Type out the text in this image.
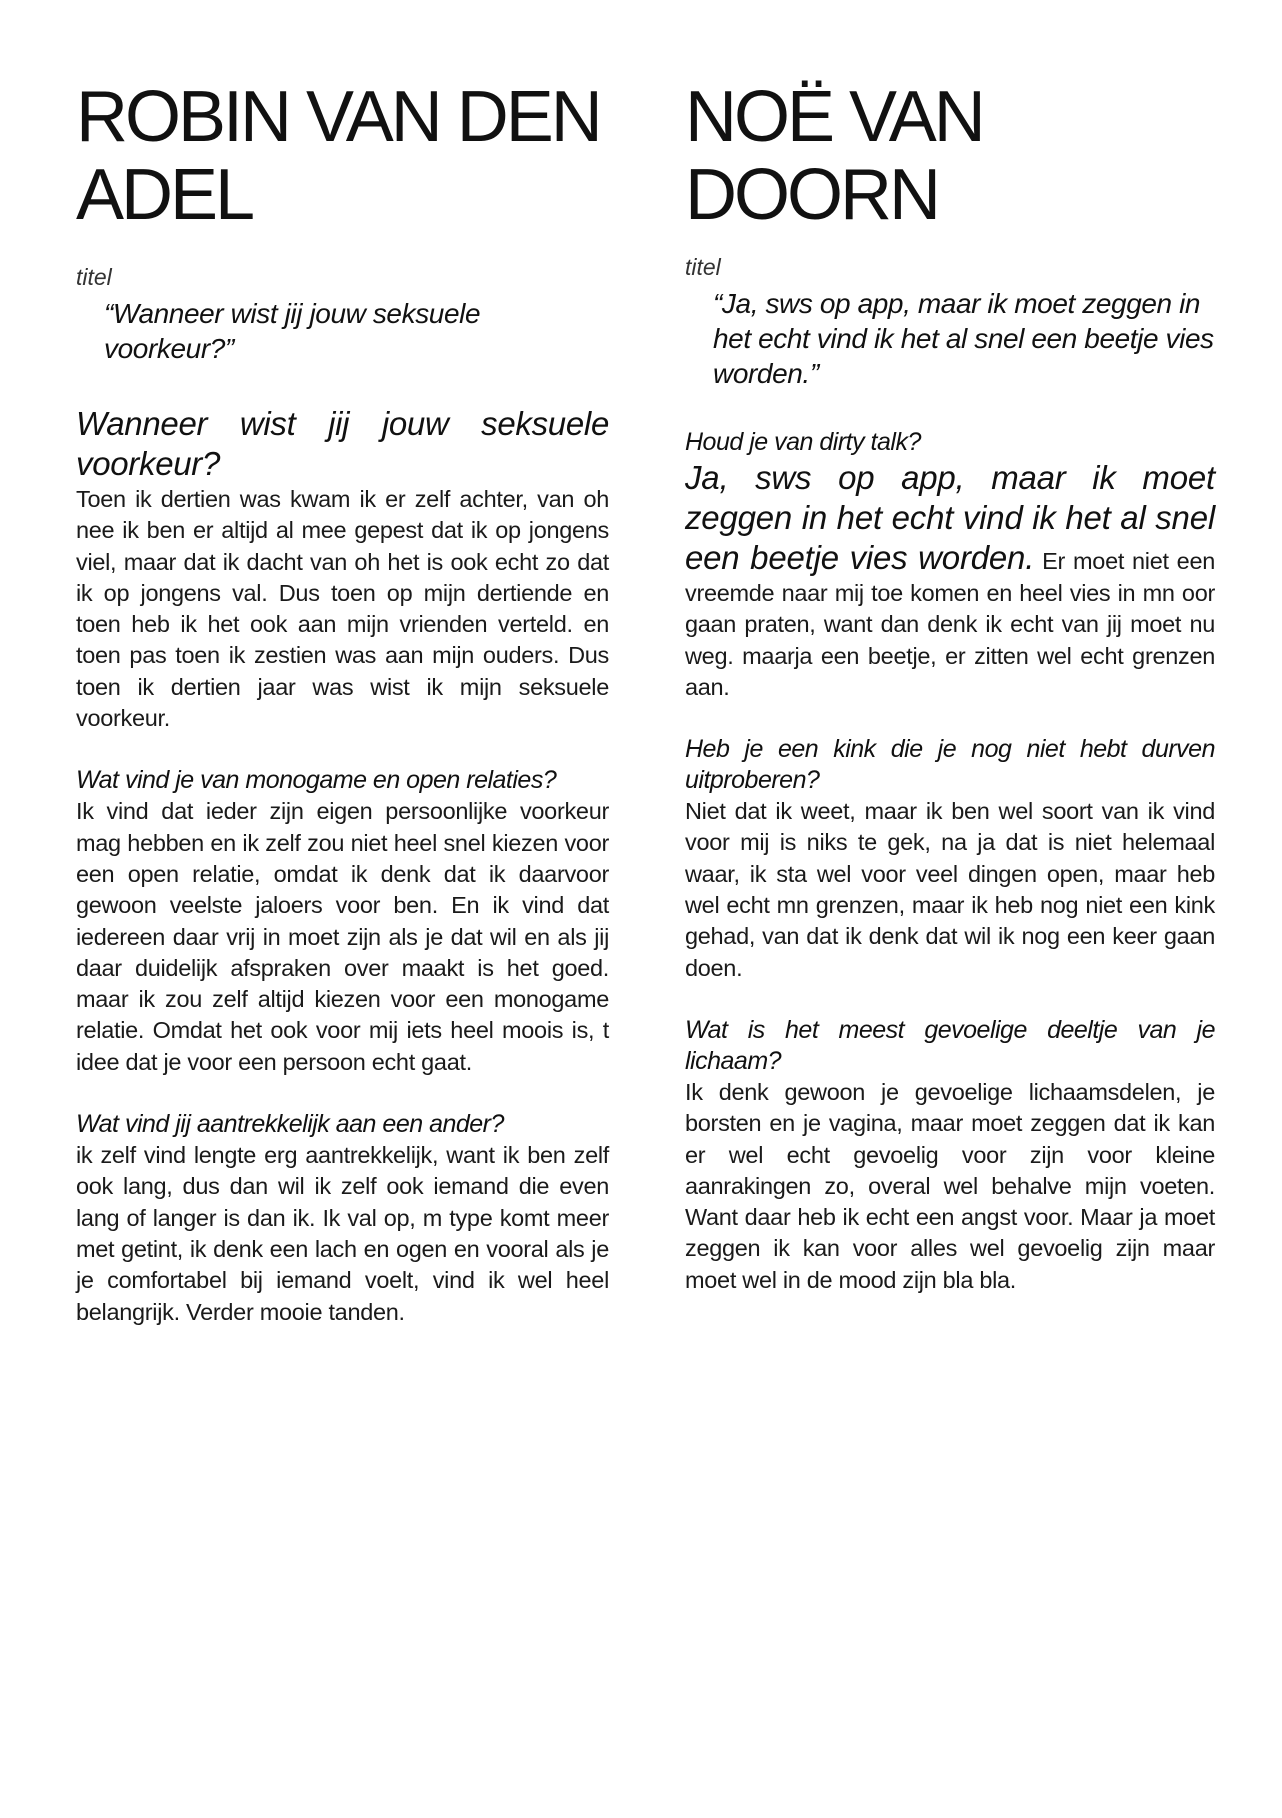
ROBIN VAN DEN ADEL

titel

“Wanneer wist jij jouw seksuele voorkeur?”

Wanneer wist jij jouw seksuele voorkeur?

Toen ik dertien was kwam ik er zelf achter, van oh nee ik ben er altijd al mee gepest dat ik op jongens viel, maar dat ik dacht van oh het is ook echt zo dat ik op jongens val. Dus toen op mijn dertiende en toen heb ik het ook aan mijn vrienden verteld. en toen pas toen ik zestien was aan mijn ouders. Dus toen ik dertien jaar was wist ik mijn seksuele voorkeur.

Wat vind je van monogame en open relaties?

Ik vind dat ieder zijn eigen persoonlijke voorkeur mag hebben en ik zelf zou niet heel snel kiezen voor een open relatie, omdat ik denk dat ik daarvoor gewoon veelste jaloers voor ben. En ik vind dat iedereen daar vrij in moet zijn als je dat wil en als jij daar duidelijk afspraken over maakt is het goed. maar ik zou zelf altijd kiezen voor een monogame relatie. Omdat het ook voor mij iets heel moois is, t idee dat je voor een persoon echt gaat.

Wat vind jij aantrekkelijk aan een ander?

ik zelf vind lengte erg aantrekkelijk, want ik ben zelf ook lang, dus dan wil ik zelf ook iemand die even lang of langer is dan ik. Ik val op, m type komt meer met getint, ik denk een lach en ogen en vooral als je je comfortabel bij iemand voelt, vind ik wel heel belangrijk. Verder mooie tanden.

NOË VAN DOORN

titel

“Ja, sws op app, maar ik moet zeggen in het echt vind ik het al snel een beetje vies worden.”

Houd je van dirty talk?

Ja, sws op app, maar ik moet zeggen in het echt vind ik het al snel een beetje vies worden. Er moet niet een vreemde naar mij toe komen en heel vies in mn oor gaan praten, want dan denk ik echt van jij moet nu weg. maarja een beetje, er zitten wel echt grenzen aan.

Heb je een kink die je nog niet hebt durven uitproberen?

Niet dat ik weet, maar ik ben wel soort van ik vind voor mij is niks te gek, na ja dat is niet helemaal waar, ik sta wel voor veel dingen open, maar heb wel echt mn grenzen, maar ik heb nog niet een kink gehad, van dat ik denk dat wil ik nog een keer gaan doen.

Wat is het meest gevoelige deeltje van je lichaam?

Ik denk gewoon je gevoelige lichaamsdelen, je borsten en je vagina, maar moet zeggen dat ik kan er wel echt gevoelig voor zijn voor kleine aanrakingen zo, overal wel behalve mijn voeten. Want daar heb ik echt een angst voor. Maar ja moet zeggen ik kan voor alles wel gevoelig zijn maar moet wel in de mood zijn bla bla.
